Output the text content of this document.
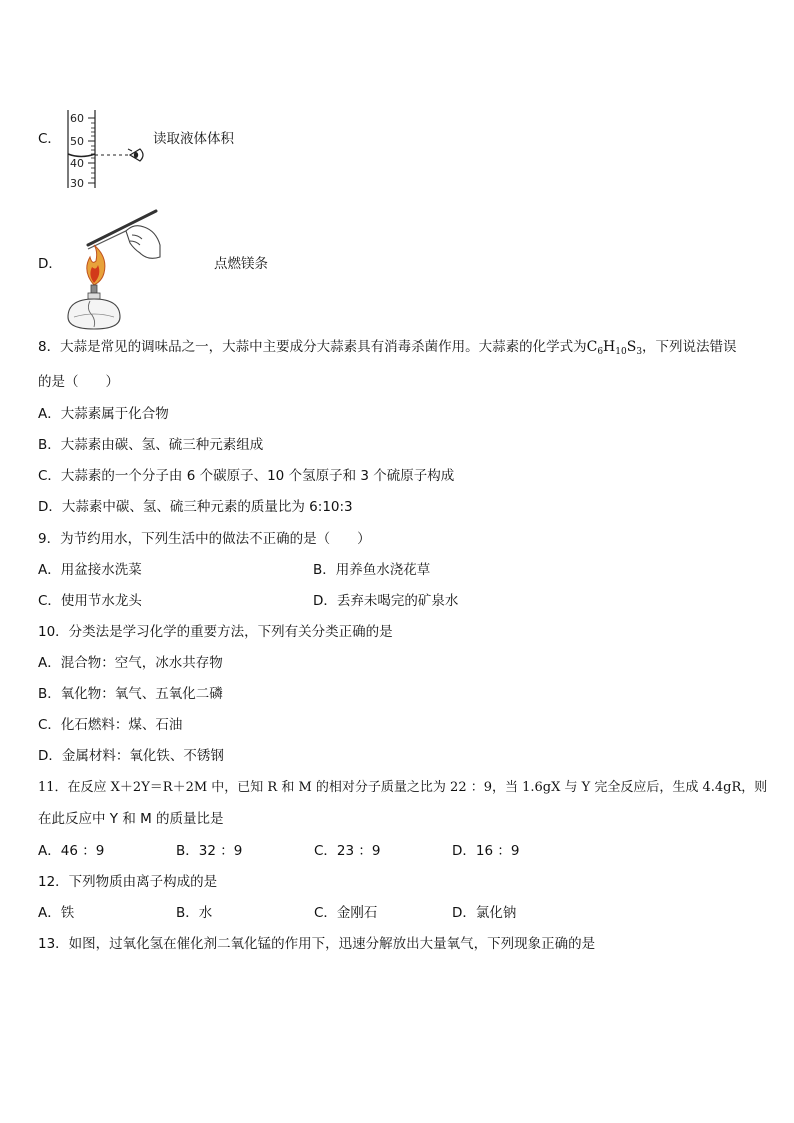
C．
60
50
40
30
读取液体体积
D．	点燃镁条
8．大蒜是常见的调味品之一，大蒜中主要成分大蒜素具有消毒杀菌作用。大蒜素的化学式为$C_6H_{10}S_3$，下列说法错误
的是（　　）
A．大蒜素属于化合物
B．大蒜素由碳、氢、硫三种元素组成
C．大蒜素的一个分子由 6 个碳原子、10 个氢原子和 3 个硫原子构成
D．大蒜素中碳、氢、硫三种元素的质量比为 6:10:3
9．为节约用水，下列生活中的做法不正确的是（　　）
A．用盆接水洗菜	B．用养鱼水浇花草
C．使用节水龙头	D．丢弃未喝完的矿泉水
10．分类法是学习化学的重要方法，下列有关分类正确的是
A．混合物：空气，冰水共存物
B．氧化物：氧气、五氧化二磷
C．化石燃料：煤、石油
D．金属材料：氧化铁、不锈钢
11．在反应 X＋2Y＝R＋2M 中，已知 R 和 M 的相对分子质量之比为 22 ：9，当 1.6gX 与 Y 完全反应后，生成 4.4gR，则
在此反应中 Y 和 M 的质量比是
A．46 ：9	B．32 ：9	C．23 ：9	D．16 ：9
12．下列物质由离子构成的是
A．铁	B．水	C．金刚石	D．氯化钠
13．如图，过氧化氢在催化剂二氧化锰的作用下，迅速分解放出大量氧气，下列现象正确的是
